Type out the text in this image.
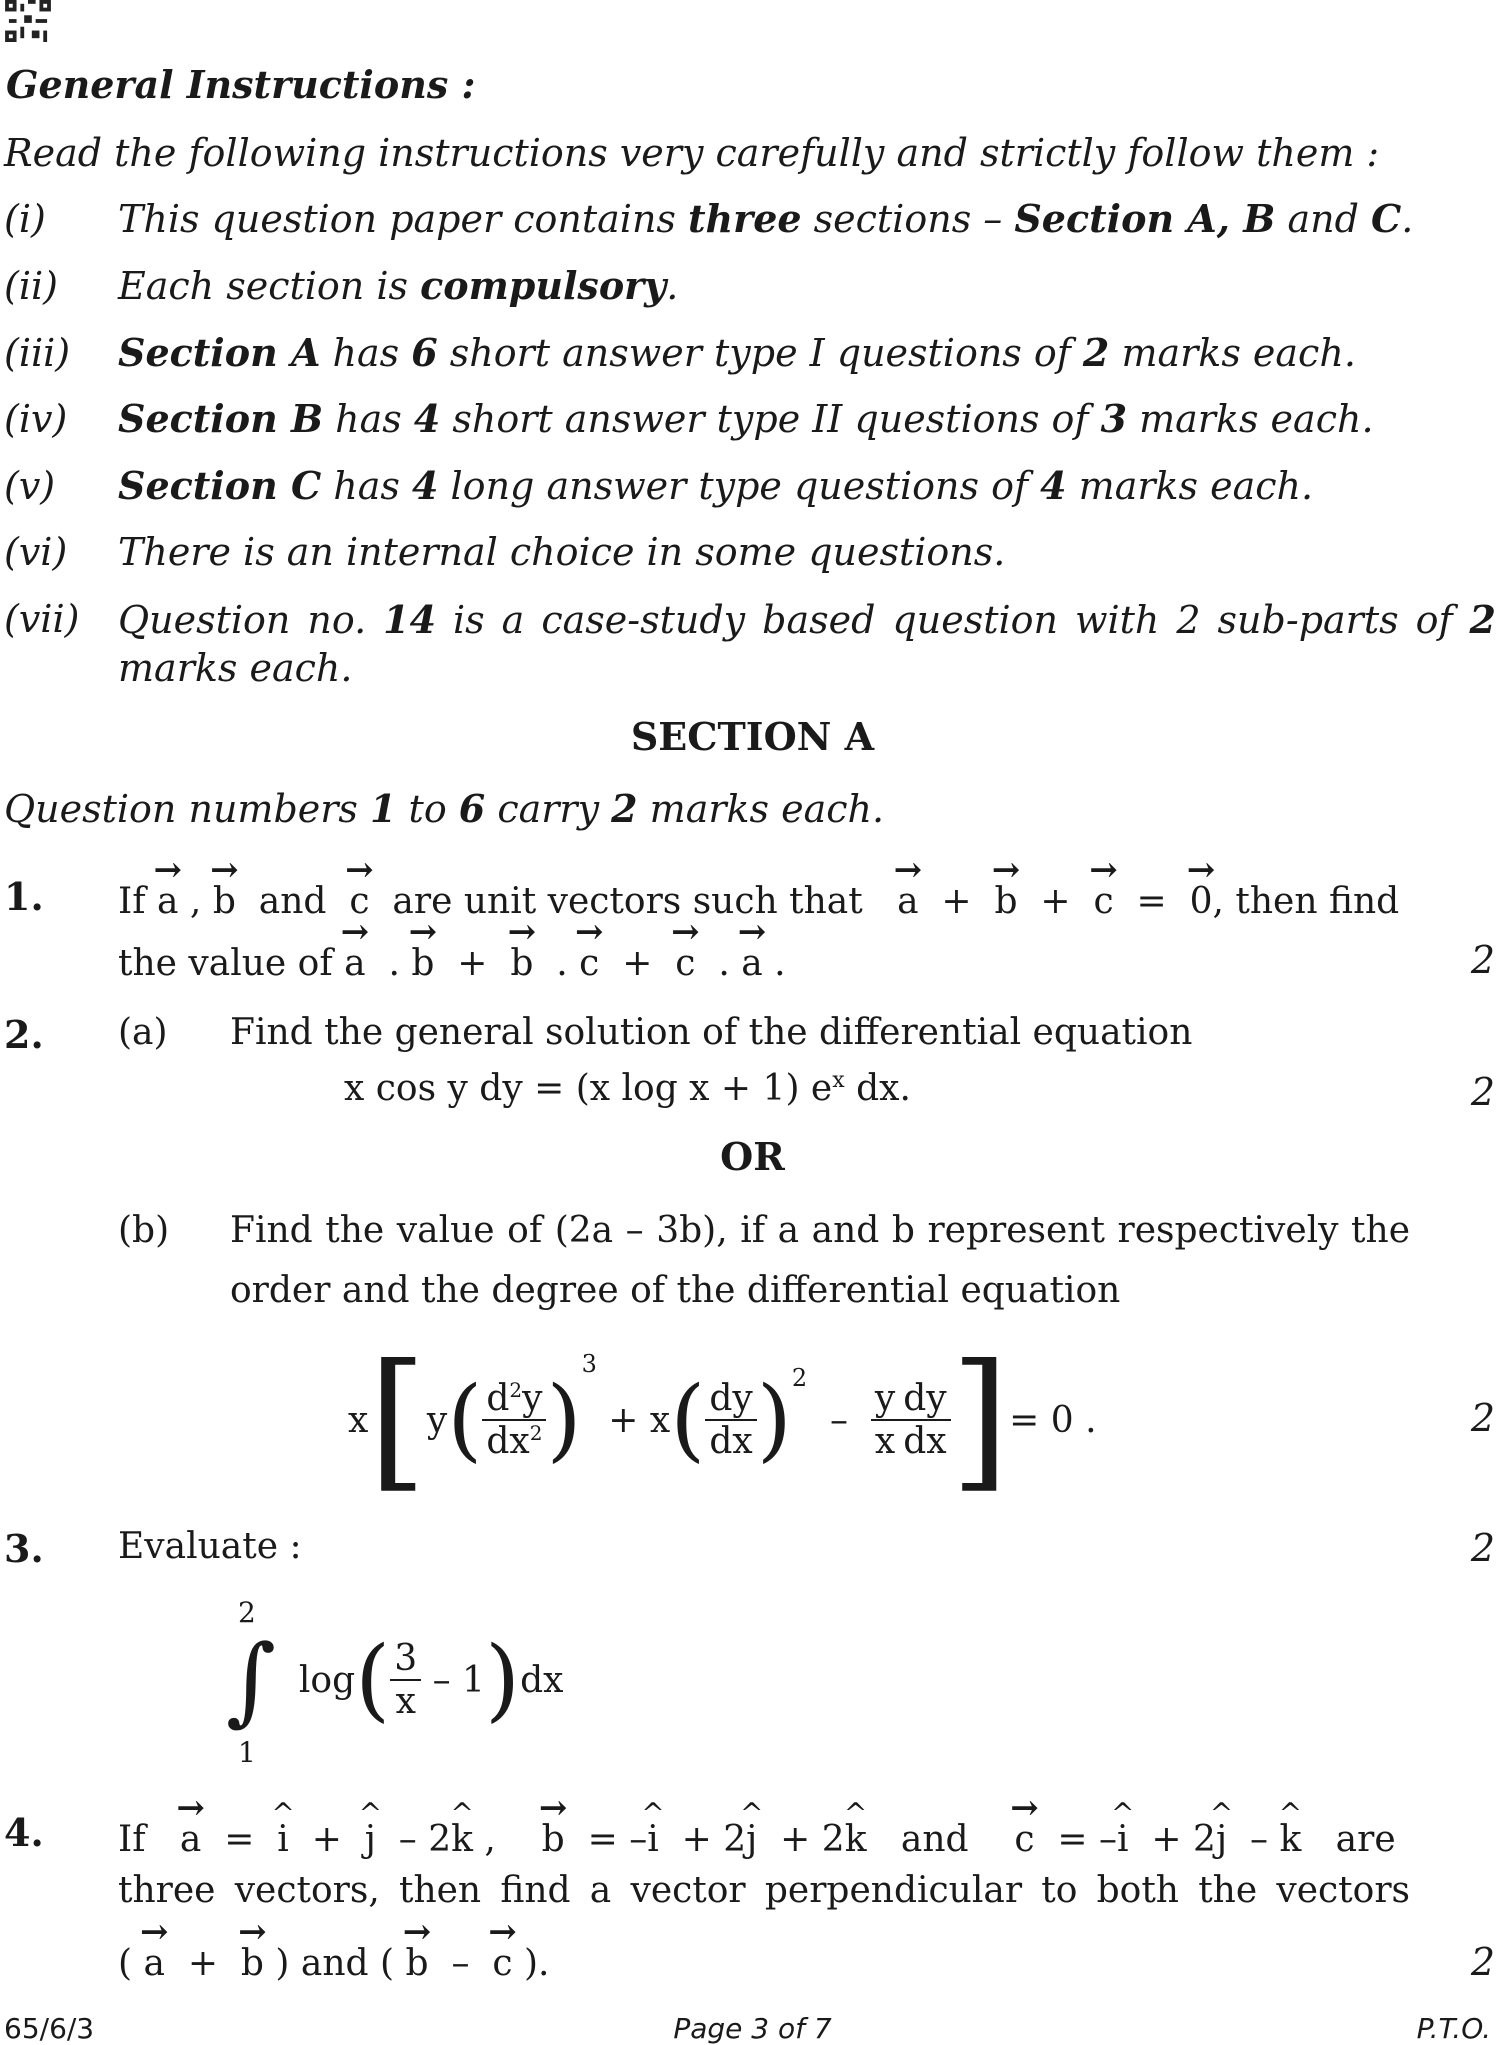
General Instructions :
Read the following instructions very carefully and strictly follow them :
(i) This question paper contains three sections – Section A, B and C.
(ii) Each section is compulsory.
(iii) Section A has 6 short answer type I questions of 2 marks each.
(iv) Section B has 4 short answer type II questions of 3 marks each.
(v) Section C has 4 long answer type questions of 4 marks each.
(vi) There is an internal choice in some questions.
(vii) Question no. 14 is a case-study based question with 2 sub-parts of 2 marks each.
SECTION A
Question numbers 1 to 6 carry 2 marks each.
1. If → a , → b and → c are unit vectors such that → a  +  → b  +  → c  =  → 0, then find
the value of → a  . → b  +  → b  . → c  +  → c  . → a .	2
2. (a) Find the general solution of the differential equation
x cos y dy = (x log x + 1) $e^x$ dx.	2
OR
(b) Find the value of (2a – 3b), if a and b represent respectively the
order and the degree of the differential equation
x [ y ( $\frac{d^2y}{dx^2}$ )
$^3$
+ x ( $\frac{dy}{dx} )^2$
– $\frac{y}{x} \frac{dy}{dx}$ ] = 0 .	2
3. Evaluate :	2
2
1
∫ log ( $\frac{3}{x} - 1$ ) dx
4. If → a  =  ^ i  +  ^ j  – 2^ k ,    → b  = –^ i  + 2^ j  + 2^ k and → c  = –^ i  + 2^ j  – ^ k are
three vectors, then find a vector perpendicular to both the vectors
( → a  +  → b ) and ( → b  –  → c ).	2
65/6/3	Page 3 of 7	P.T.O.
